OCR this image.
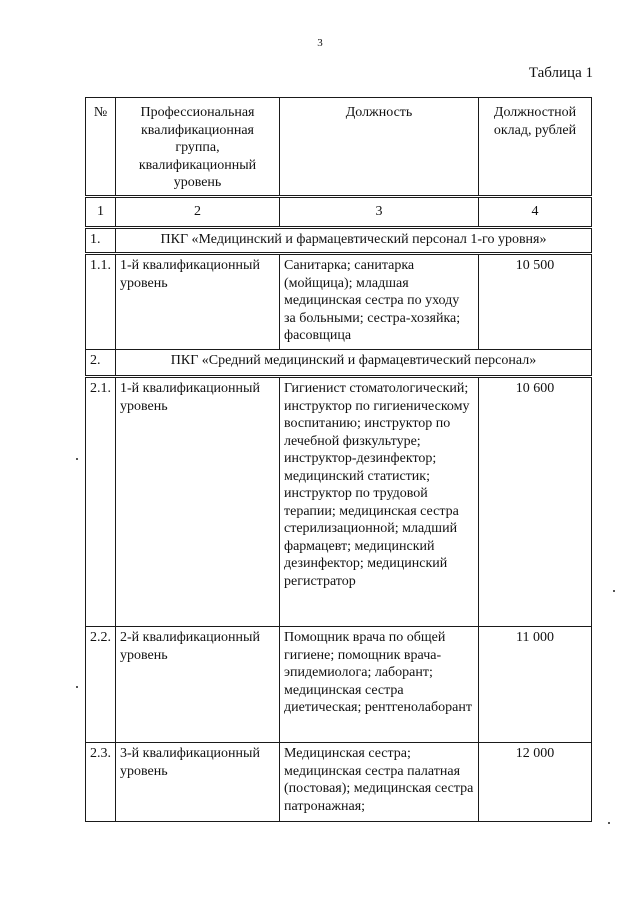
3
Таблица 1
№	Профессиональная квалификационная группа, квалификационный уровень	Должность	Должностной оклад, рублей
1	2	3	4
1.	ПКГ «Медицинский и фармацевтический персонал 1-го уровня»		
1.1.	1-й квалификационный уровень	Санитарка; санитарка (мойщица); младшая медицинская сестра по уходу за больными; сестра-хозяйка; фасовщица	10 500
2.	ПКГ «Средний медицинский и фармацевтический персонал»		
2.1.	1-й квалификационный уровень	Гигиенист стоматологический; инструктор по гигиеническому воспитанию; инструктор по лечебной физкультуре; инструктор-дезинфектор; медицинский статистик; инструктор по трудовой терапии; медицинская сестра стерилизационной; младший фармацевт; медицинский дезинфектор; медицинский регистратор	10 600
2.2.	2-й квалификационный уровень	Помощник врача по общей гигиене; помощник врача-эпидемиолога; лаборант; медицинская сестра диетическая; рентгенолаборант	11 000
2.3.	3-й квалификационный уровень	Медицинская сестра; медицинская сестра палатная (постовая); медицинская сестра патронажная;	12 000
